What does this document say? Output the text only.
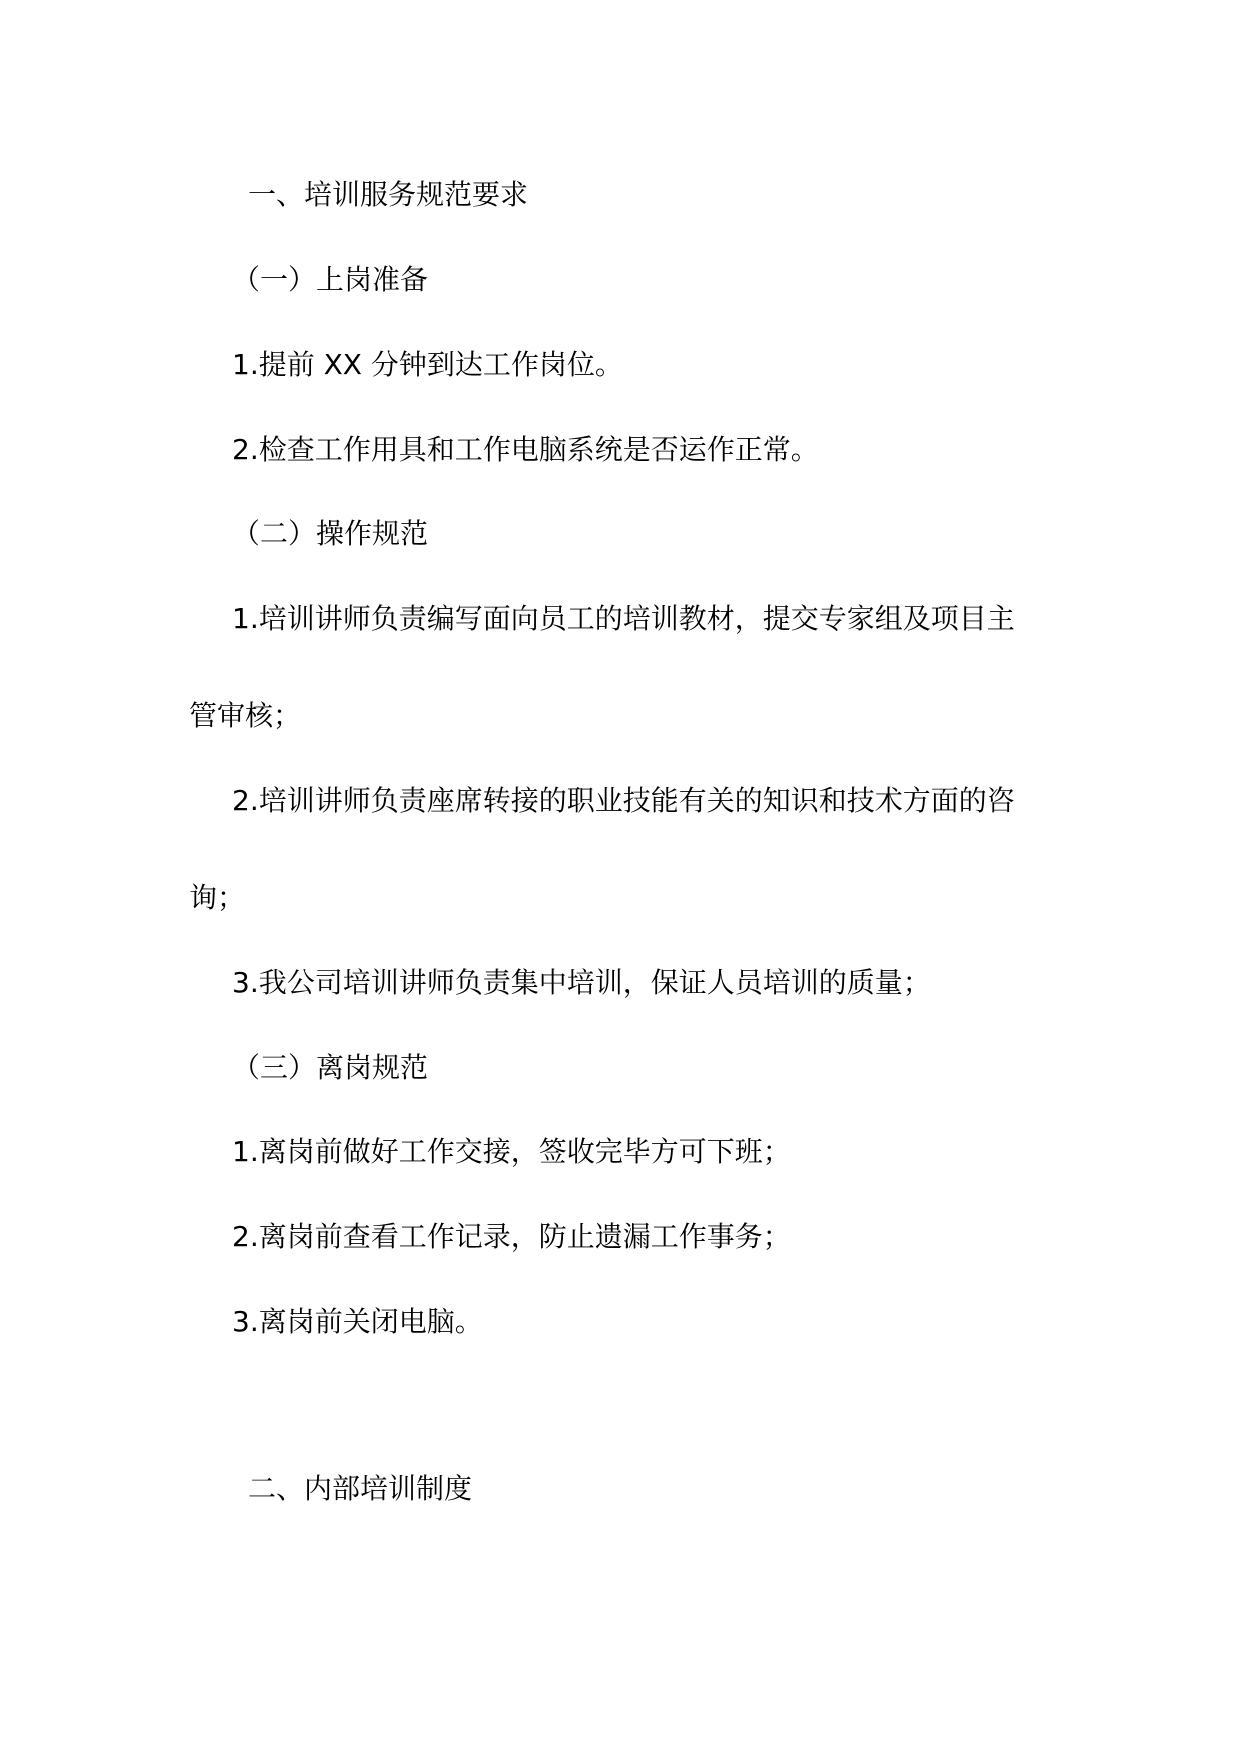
一、培训服务规范要求
（一）上岗准备

1.提前 XX 分钟到达工作岗位。

2.检查工作用具和工作电脑系统是否运作正常。

（二）操作规范

1.培训讲师负责编写面向员工的培训教材，提交专家组及项目主

管审核；

2.培训讲师负责座席转接的职业技能有关的知识和技术方面的咨

询；

3.我公司培训讲师负责集中培训，保证人员培训的质量；

（三）离岗规范

1.离岗前做好工作交接，签收完毕方可下班；

2.离岗前查看工作记录，防止遗漏工作事务；

3.离岗前关闭电脑。

二、内部培训制度
